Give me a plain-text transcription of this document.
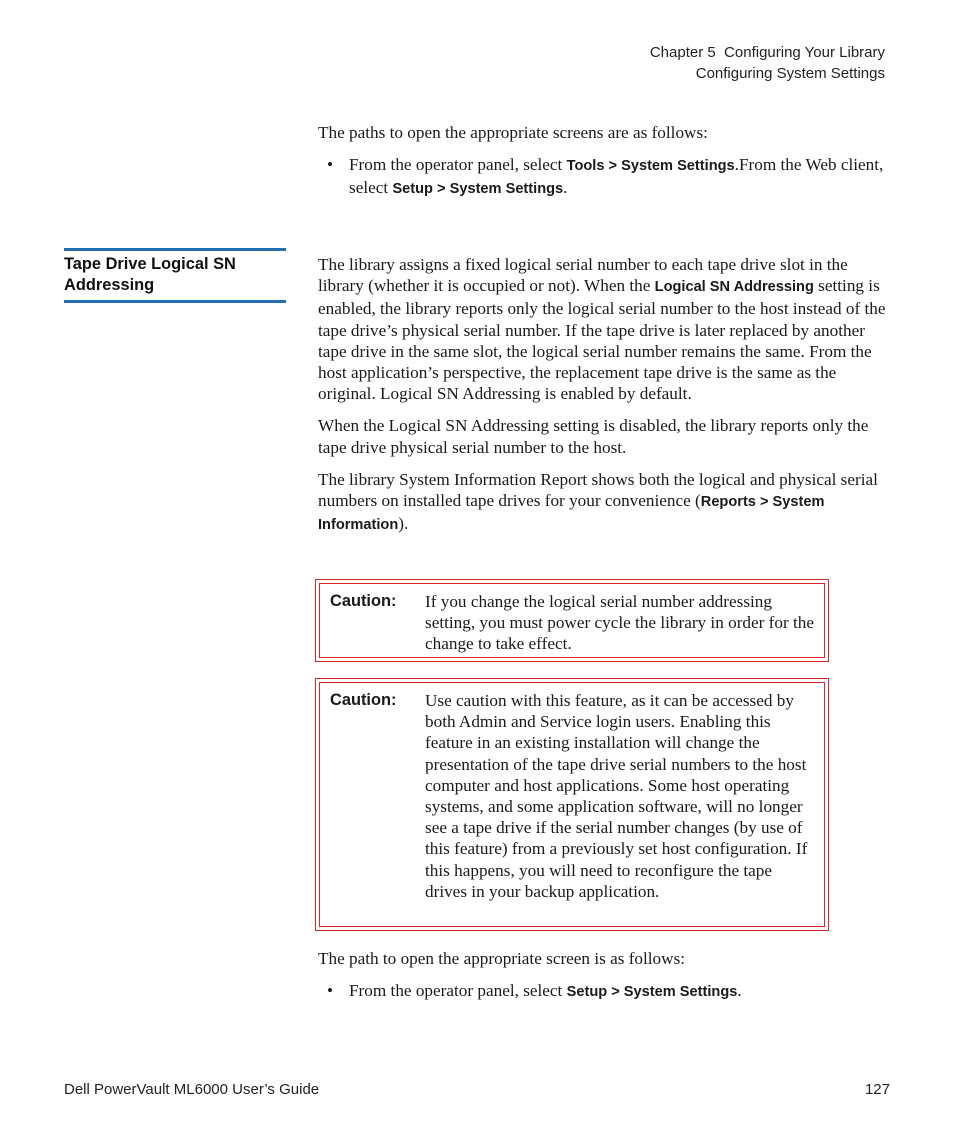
Chapter 5  Configuring Your Library
Configuring System Settings

The paths to open the appropriate screens are as follows:

• From the operator panel, select Tools > System Settings.From the Web client, select Setup > System Settings.
Tape Drive Logical SN Addressing

The library assigns a fixed logical serial number to each tape drive slot in the library (whether it is occupied or not). When the Logical SN Addressing setting is enabled, the library reports only the logical serial number to the host instead of the tape drive’s physical serial number. If the tape drive is later replaced by another tape drive in the same slot, the logical serial number remains the same. From the host application’s perspective, the replacement tape drive is the same as the original. Logical SN Addressing is enabled by default.

When the Logical SN Addressing setting is disabled, the library reports only the tape drive physical serial number to the host.

The library System Information Report shows both the logical and physical serial numbers on installed tape drives for your convenience (Reports > System Information).

Caution:	If you change the logical serial number addressing setting, you must power cycle the library in order for the change to take effect.
Caution:	Use caution with this feature, as it can be accessed by both Admin and Service login users. Enabling this feature in an existing installation will change the presentation of the tape drive serial numbers to the host computer and host applications. Some host operating systems, and some application software, will no longer see a tape drive if the serial number changes (by use of this feature) from a previously set host configuration. If this happens, you will need to reconfigure the tape drives in your backup application.

The path to open the appropriate screen is as follows:

• From the operator panel, select Setup > System Settings.
Dell PowerVault ML6000 User’s Guide	127
